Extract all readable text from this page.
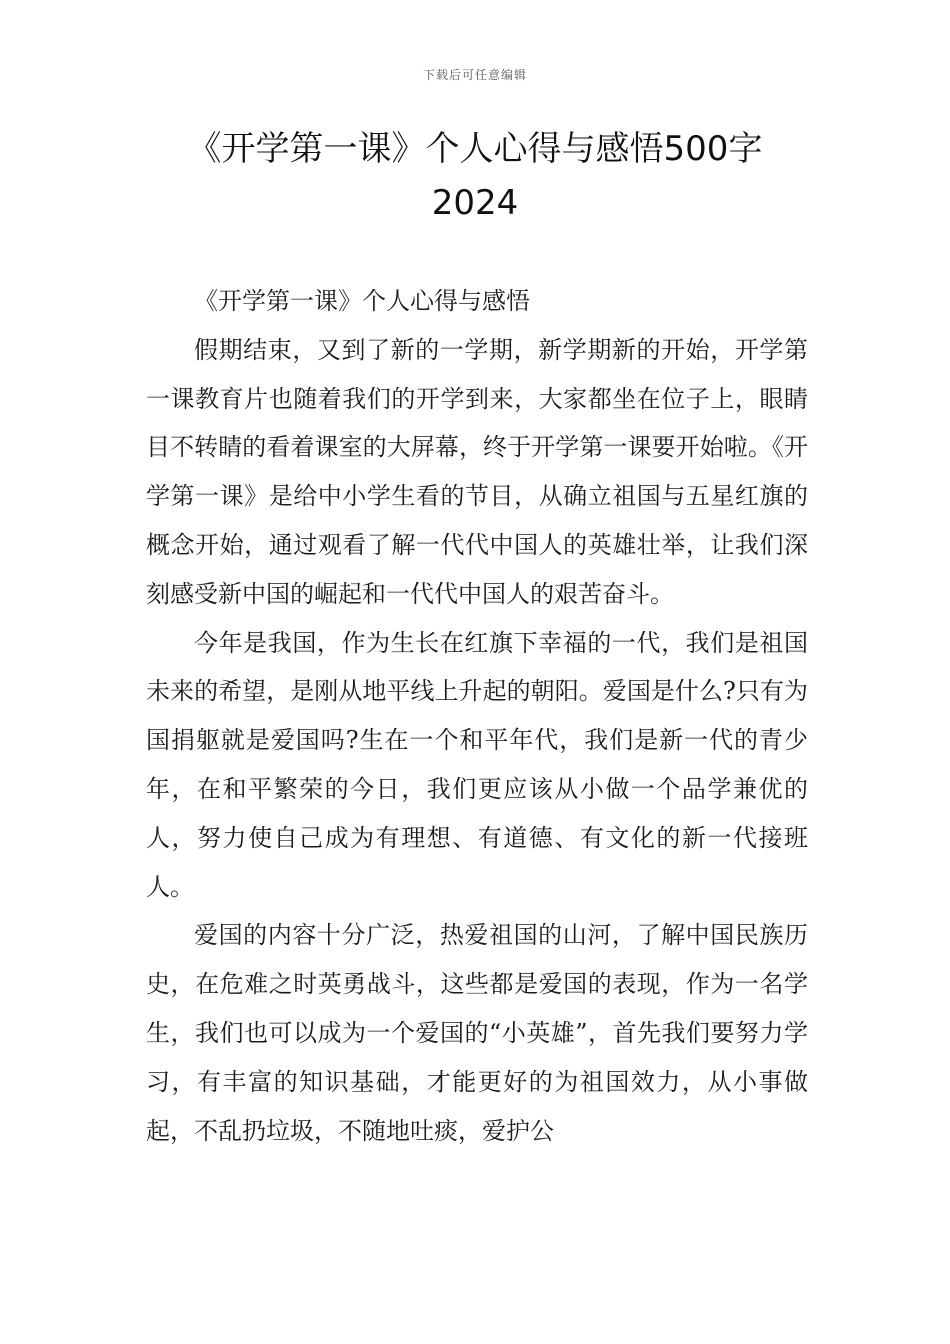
下载后可任意编辑
《开学第一课》个人心得与感悟500字
2024

《开学第一课》个人心得与感悟

假期结束，又到了新的一学期，新学期新的开始，开学第一课教育片也随着我们的开学到来，大家都坐在位子上，眼睛目不转睛的看着课室的大屏幕，终于开学第一课要开始啦。《开学第一课》是给中小学生看的节目，从确立祖国与五星红旗的概念开始，通过观看了解一代代中国人的英雄壮举，让我们深刻感受新中国的崛起和一代代中国人的艰苦奋斗。

今年是我国，作为生长在红旗下幸福的一代，我们是祖国未来的希望，是刚从地平线上升起的朝阳。爱国是什么?只有为国捐躯就是爱国吗?生在一个和平年代，我们是新一代的青少年，在和平繁荣的今日，我们更应该从小做一个品学兼优的人，努力使自己成为有理想、有道德、有文化的新一代接班人。

爱国的内容十分广泛，热爱祖国的山河，了解中国民族历史，在危难之时英勇战斗，这些都是爱国的表现，作为一名学生，我们也可以成为一个爱国的“小英雄”，首先我们要努力学习，有丰富的知识基础，才能更好的为祖国效力，从小事做起，不乱扔垃圾，不随地吐痰，爱护公
